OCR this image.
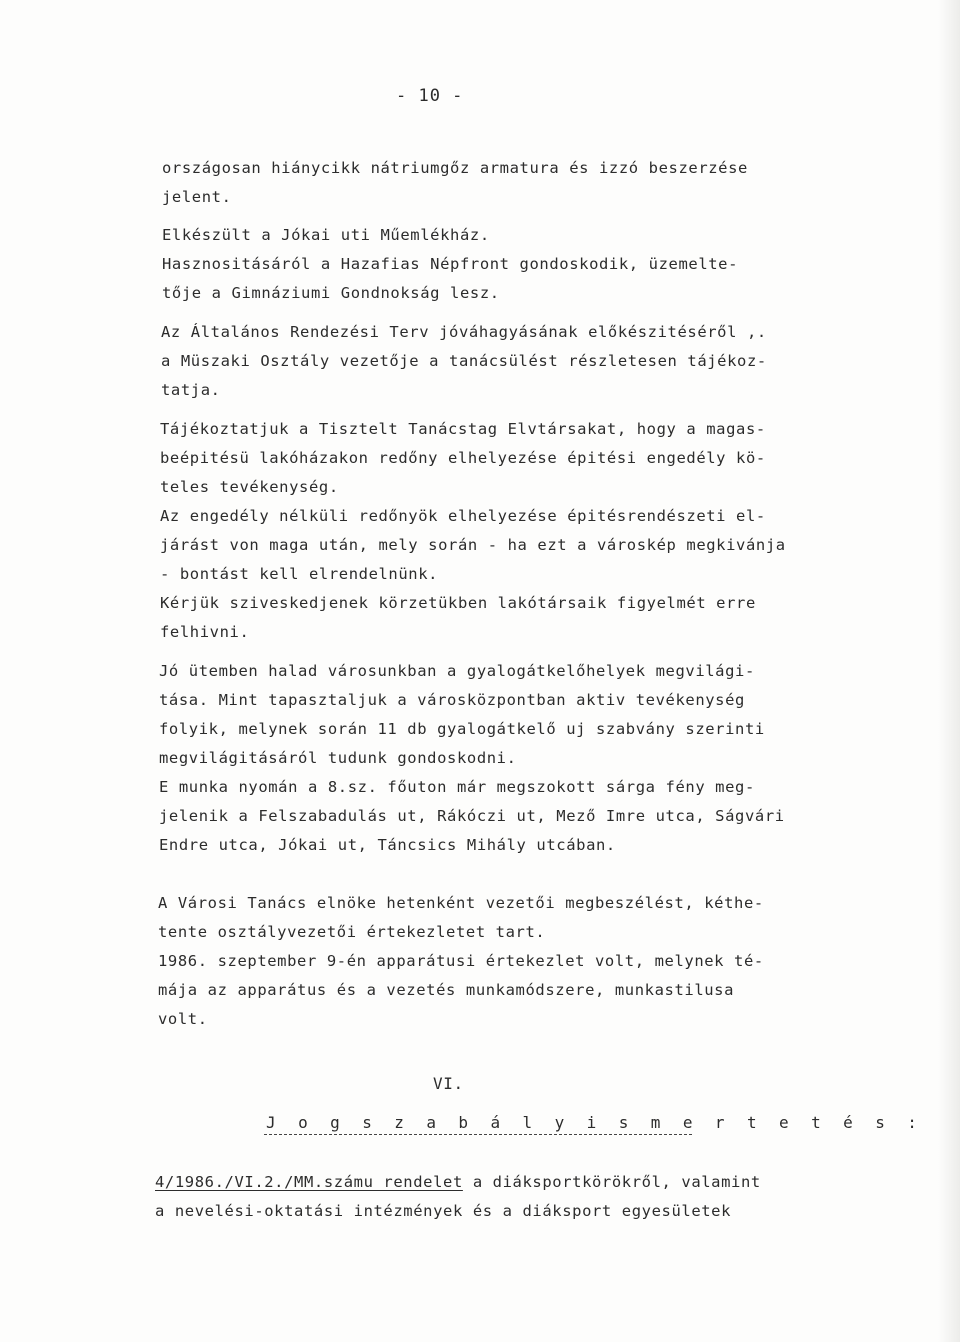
- 10 -
országosan hiánycikk nátriumgőz armatura és izzó beszerzése
jelent.
Elkészült a Jókai uti Műemlékház.
Hasznositásáról a Hazafias Népfront gondoskodik, üzemelte-
tője a Gimnáziumi Gondnokság lesz.
Az Általános Rendezési Terv jóváhagyásának előkészitéséről ,.
a Müszaki Osztály vezetője a tanácsülést részletesen tájékoz-
tatja.
Tájékoztatjuk a Tisztelt Tanácstag Elvtársakat, hogy a magas-
beépitésü lakóházakon redőny elhelyezése épitési engedély kö-
teles tevékenység.
Az engedély nélküli redőnyök elhelyezése épitésrendészeti el-
járást von maga után, mely során - ha ezt a városkép megkivánja
- bontást kell elrendelnünk.
Kérjük sziveskedjenek körzetükben lakótársaik figyelmét erre
felhivni.
Jó ütemben halad városunkban a gyalogátkelőhelyek megvilági-
tása. Mint tapasztaljuk a városközpontban aktiv tevékenység
folyik, melynek során 11 db gyalogátkelő uj szabvány szerinti
megvilágitásáról tudunk gondoskodni.
E munka nyomán a 8.sz. főuton már megszokott sárga fény meg-
jelenik a Felszabadulás ut, Rákóczi ut, Mező Imre utca, Ságvári
Endre utca, Jókai ut, Táncsics Mihály utcában.
A Városi Tanács elnöke hetenként vezetői megbeszélést, kéthe-
tente osztályvezetői értekezletet tart.
1986. szeptember 9-én apparátusi értekezlet volt, melynek té-
mája az apparátus és a vezetés munkamódszere, munkastilusa
volt.
VI.
J o g s z a b á l y i s m e r t e t é s :
4/1986./VI.2./MM.számu rendelet a diáksportkörökről, valamint
a nevelési-oktatási intézmények és a diáksport egyesületek
